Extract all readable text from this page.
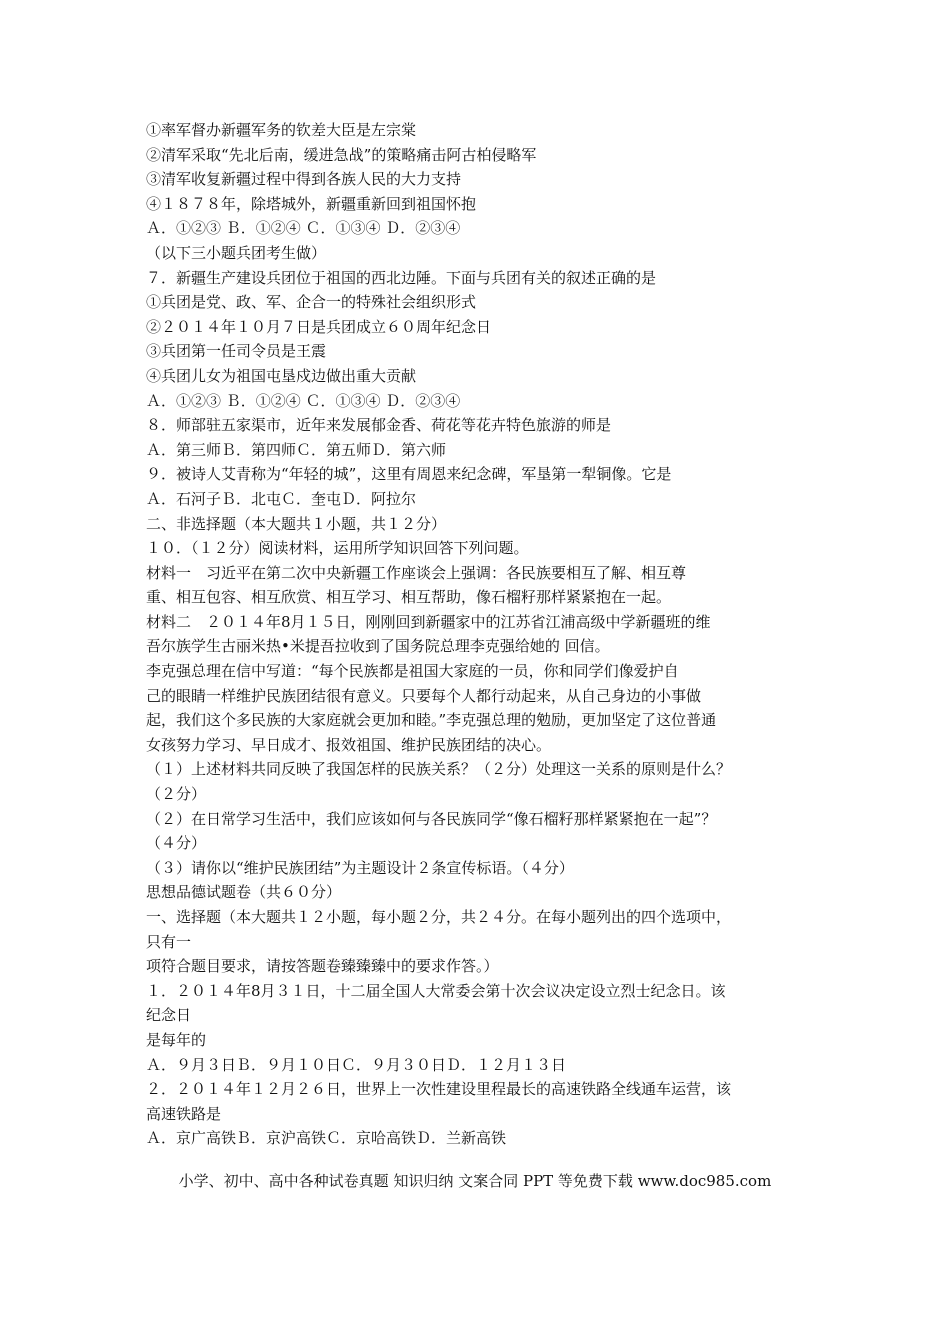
①率军督办新疆军务的钦差大臣是左宗棠
②清军采取“先北后南，缓进急战”的策略痛击阿古柏侵略军
③清军收复新疆过程中得到各族人民的大力支持
④１８７８年，除塔城外，新疆重新回到祖国怀抱
Ａ．①②③ Ｂ．①②④ Ｃ．①③④ Ｄ．②③④
（以下三小题兵团考生做）
７．新疆生产建设兵团位于祖国的西北边陲。下面与兵团有关的叙述正确的是
①兵团是党、政、军、企合一的特殊社会组织形式
②２０１４年１０月７日是兵团成立６０周年纪念日
③兵团第一任司令员是王震
④兵团儿女为祖国屯垦戍边做出重大贡献
Ａ．①②③ Ｂ．①②④ Ｃ．①③④ Ｄ．②③④
８．师部驻五家渠市，近年来发展郁金香、荷花等花卉特色旅游的师是
Ａ．第三师Ｂ．第四师Ｃ．第五师Ｄ．第六师
９．被诗人艾青称为“年轻的城”，这里有周恩来纪念碑，军垦第一犁铜像。它是
Ａ．石河子Ｂ．北屯Ｃ．奎屯Ｄ．阿拉尔
二、非选择题（本大题共１小题，共１２分）
１０．（１２分）阅读材料，运用所学知识回答下列问题。
材料一　习近平在第二次中央新疆工作座谈会上强调：各民族要相互了解、相互尊
重、相互包容、相互欣赏、相互学习、相互帮助，像石榴籽那样紧紧抱在一起。
材料二　２０１４年8月１５日，刚刚回到新疆家中的江苏省江浦高级中学新疆班的维
吾尔族学生古丽米热•米提吾拉收到了国务院总理李克强给她的 回信。
李克强总理在信中写道：“每个民族都是祖国大家庭的一员，你和同学们像爱护自
己的眼睛一样维护民族团结很有意义。只要每个人都行动起来，从自己身边的小事做
起，我们这个多民族的大家庭就会更加和睦。”李克强总理的勉励，更加坚定了这位普通
女孩努力学习、早日成才、报效祖国、维护民族团结的决心。
（１）上述材料共同反映了我国怎样的民族关系？（２分）处理这一关系的原则是什么？
（２分）
（２）在日常学习生活中，我们应该如何与各民族同学“像石榴籽那样紧紧抱在一起”？
（４分）
（３）请你以“维护民族团结”为主题设计２条宣传标语。（４分）
思想品德试题卷（共６０分）
一、选择题（本大题共１２小题，每小题２分，共２４分。在每小题列出的四个选项中，
只有一
项符合题目要求，请按答题卷臻臻臻中的要求作答。）
１．２０１４年8月３１日，十二届全国人大常委会第十次会议决定设立烈士纪念日。该
纪念日
是每年的
Ａ．９月３日Ｂ．９月１０日Ｃ．９月３０日Ｄ．１２月１３日
２．２０１４年１２月２６日，世界上一次性建设里程最长的高速铁路全线通车运营，该
高速铁路是
Ａ．京广高铁Ｂ．京沪高铁Ｃ．京哈高铁Ｄ．兰新高铁
小学、初中、高中各种试卷真题 知识归纳 文案合同 PPT 等免费下载 www.doc985.com
